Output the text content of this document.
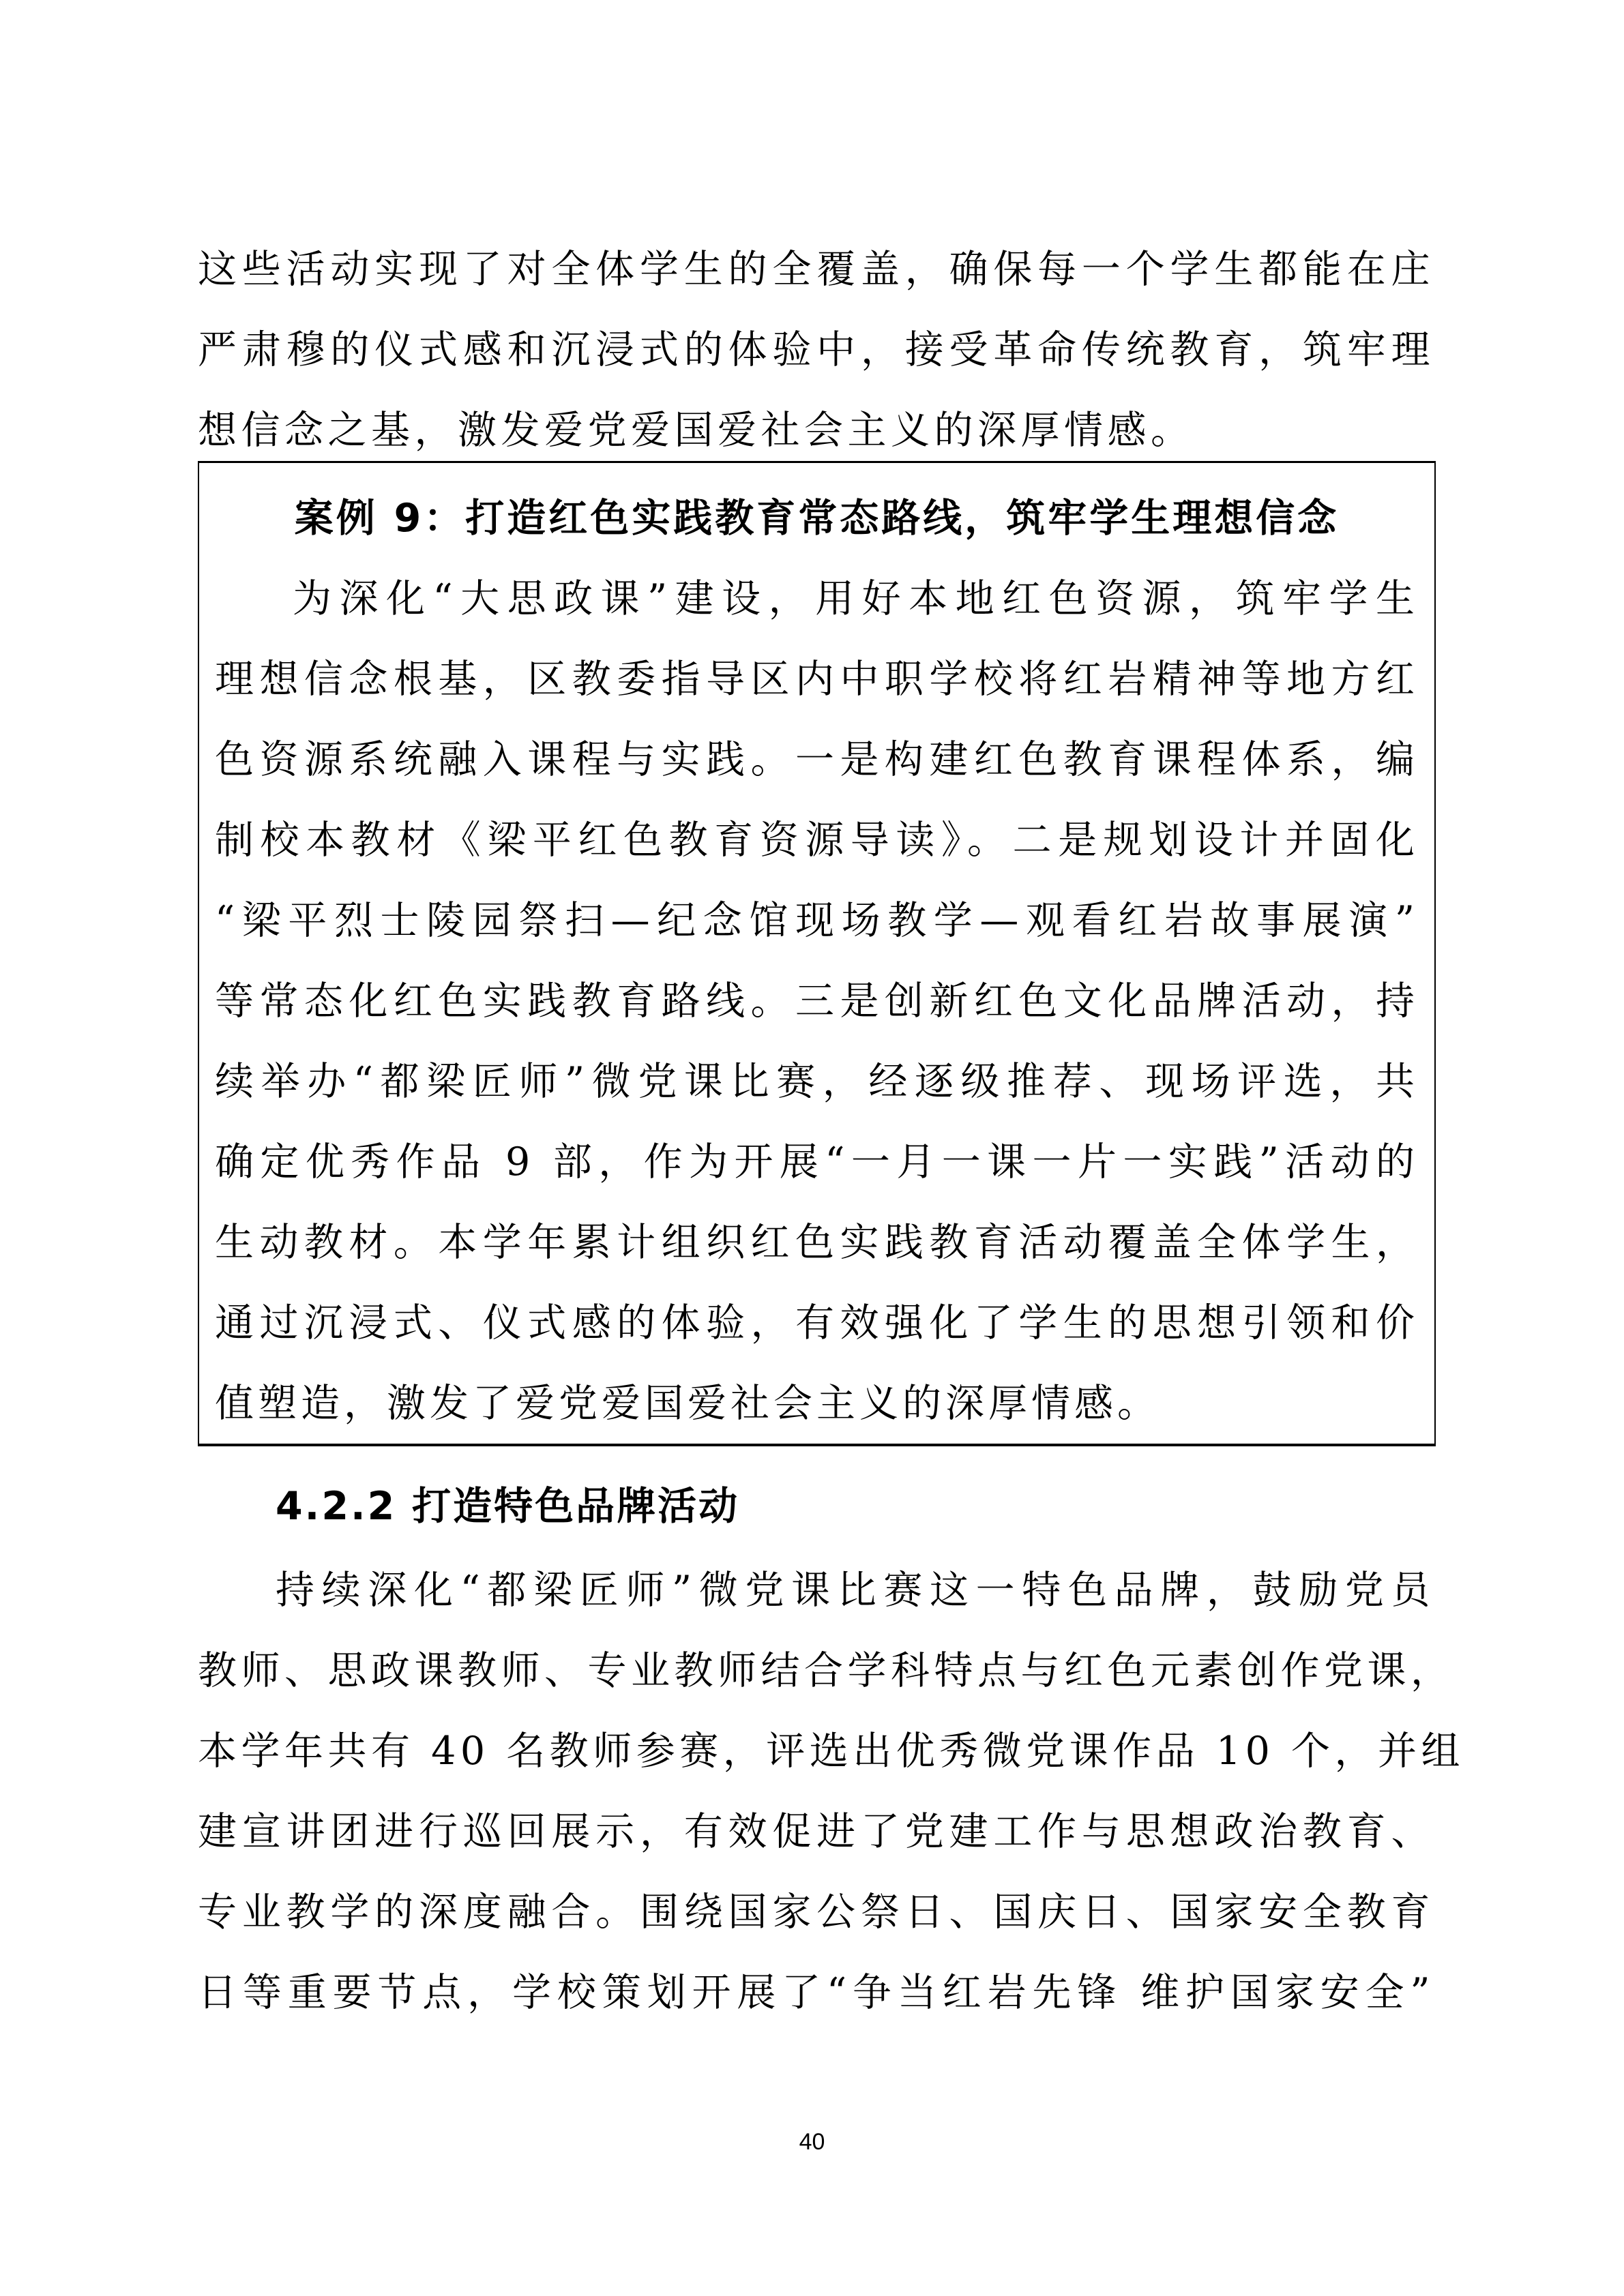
这些活动实现了对全体学生的全覆盖，确保每一个学生都能在庄
严肃穆的仪式感和沉浸式的体验中，接受革命传统教育，筑牢理
想信念之基，激发爱党爱国爱社会主义的深厚情感。
案例 9：打造红色实践教育常态路线，筑牢学生理想信念
为深化“大思政课”建设，用好本地红色资源，筑牢学生
理想信念根基，区教委指导区内中职学校将红岩精神等地方红
色资源系统融入课程与实践。一是构建红色教育课程体系，编
制校本教材《梁平红色教育资源导读》。二是规划设计并固化
“梁平烈士陵园祭扫—纪念馆现场教学—观看红岩故事展演”
等常态化红色实践教育路线。三是创新红色文化品牌活动，持
续举办“都梁匠师”微党课比赛，经逐级推荐、现场评选，共
确定优秀作品 9 部，作为开展“一月一课一片一实践”活动的
生动教材。本学年累计组织红色实践教育活动覆盖全体学生，
通过沉浸式、仪式感的体验，有效强化了学生的思想引领和价
值塑造，激发了爱党爱国爱社会主义的深厚情感。
4.2.2 打造特色品牌活动
持续深化“都梁匠师”微党课比赛这一特色品牌，鼓励党员
教师、思政课教师、专业教师结合学科特点与红色元素创作党课，
本学年共有 40 名教师参赛，评选出优秀微党课作品 10 个，并组
建宣讲团进行巡回展示，有效促进了党建工作与思想政治教育、
专业教学的深度融合。围绕国家公祭日、国庆日、国家安全教育
日等重要节点，学校策划开展了“争当红岩先锋 维护国家安全”
40
